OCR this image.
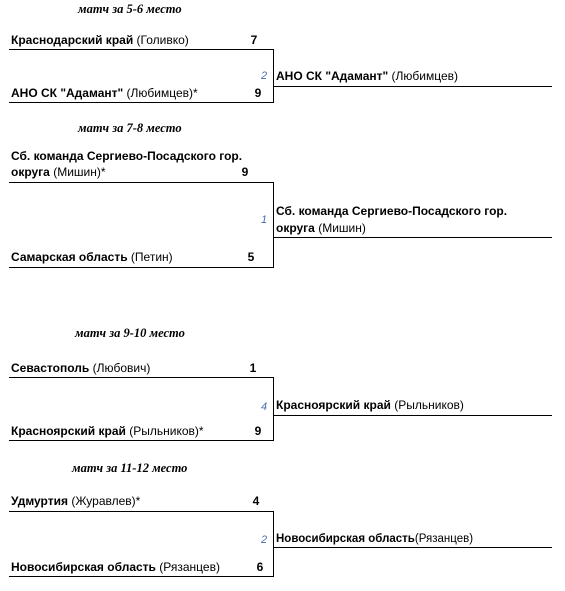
матч за 5-6 место
Краснодарский край (Голивко)	7
2 АНО СК "Адамант" (Любимцев)
АНО СК "Адамант" (Любимцев)*	9
матч за 7-8 место
Сб. команда Сергиево-Посадского гор.
округа (Мишин)*	9
1
Сб. команда Сергиево-Посадского гор.
округа (Мишин)
Самарская область (Петин)	5
матч за 9-10 место
Севастополь (Любович)	1
4 Красноярский край (Рыльников)
Красноярский край (Рыльников)*	9
матч за 11-12 место
Удмуртия (Журавлев)*	4
2 Новосибирская область(Рязанцев)
Новосибирская область (Рязанцев)	6
